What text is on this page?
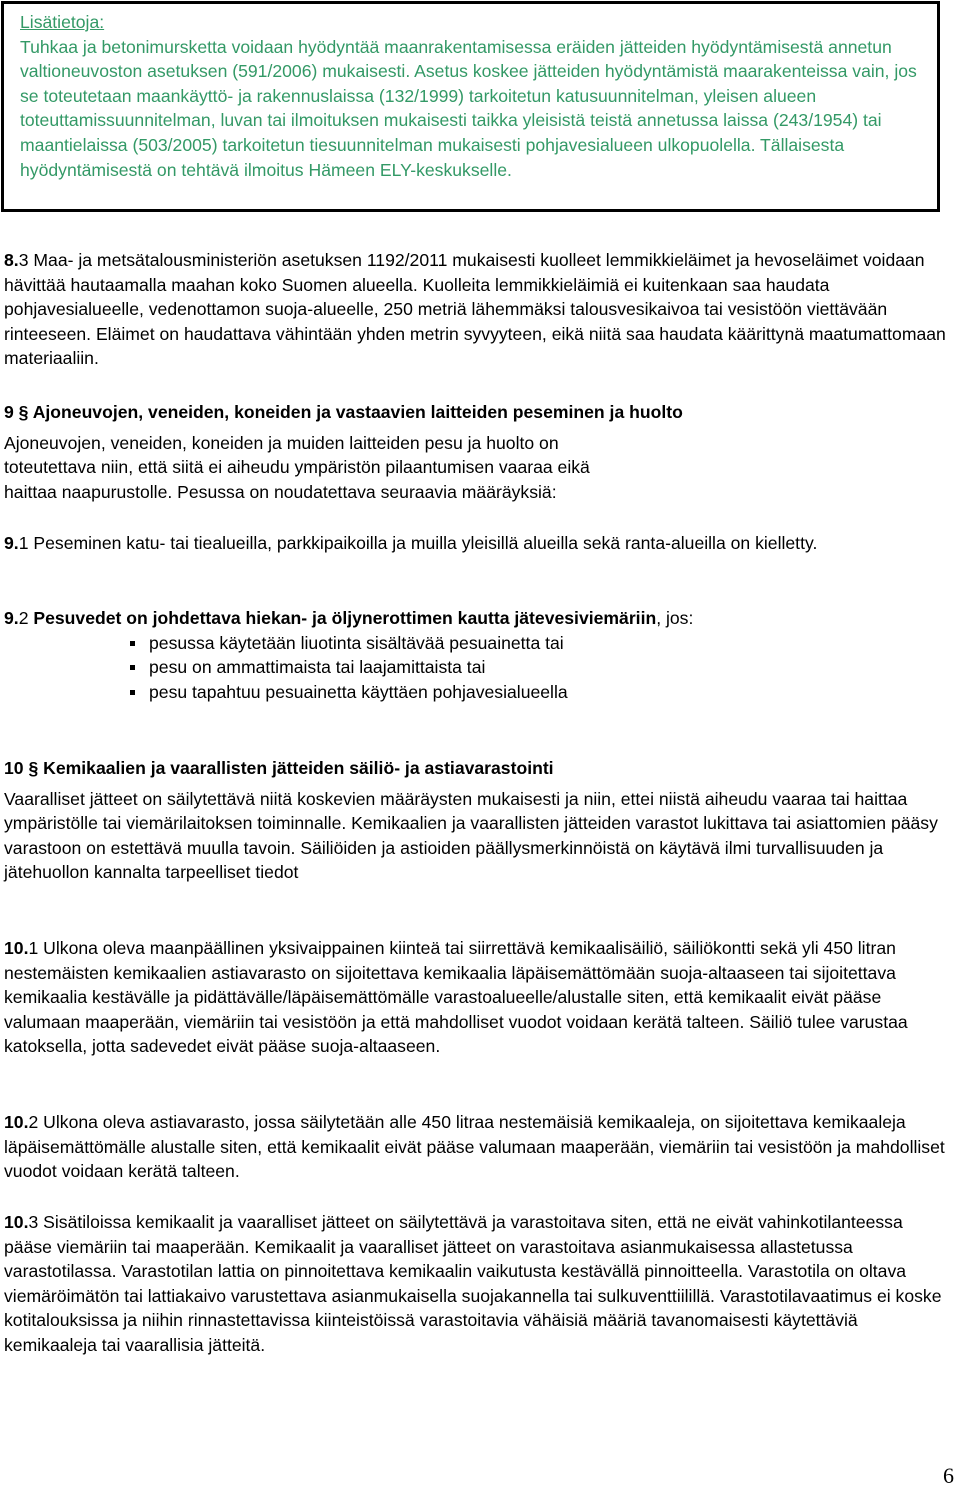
Lisätietoja:

Tuhkaa ja betonimursketta voidaan hyödyntää maanrakentamisessa eräiden jätteiden hyödyntämisestä annetun valtioneuvoston asetuksen (591/2006) mukaisesti. Asetus koskee jätteiden hyödyntämistä maarakenteissa vain, jos se toteutetaan maankäyttö- ja rakennuslaissa (132/1999) tarkoitetun katusuunnitelman, yleisen alueen toteuttamissuunnitelman, luvan tai ilmoituksen mukaisesti taikka yleisistä teistä annetussa laissa (243/1954) tai maantielaissa (503/2005) tarkoitetun tiesuunnitelman mukaisesti pohjavesialueen ulkopuolella. Tällaisesta hyödyntämisestä on tehtävä ilmoitus Hämeen ELY-keskukselle.

8.3 Maa- ja metsätalousministeriön asetuksen 1192/2011 mukaisesti kuolleet lemmikkieläimet ja hevoseläimet voidaan hävittää hautaamalla maahan koko Suomen alueella. Kuolleita lemmikkieläimiä ei kuitenkaan saa haudata pohjavesialueelle, vedenottamon suoja-alueelle, 250 metriä lähemmäksi talousvesikaivoa tai vesistöön viettävään rinteeseen. Eläimet on haudattava vähintään yhden metrin syvyyteen, eikä niitä saa haudata käärittynä maatumattomaan materiaaliin.

9 § Ajoneuvojen, veneiden, koneiden ja vastaavien laitteiden peseminen ja huolto

Ajoneuvojen, veneiden, koneiden ja muiden laitteiden pesu ja huolto on
toteutettava niin, että siitä ei aiheudu ympäristön pilaantumisen vaaraa eikä
haittaa naapurustolle. Pesussa on noudatettava seuraavia määräyksiä:

9.1 Peseminen katu- tai tiealueilla, parkkipaikoilla ja muilla yleisillä alueilla sekä ranta-alueilla on kielletty.

9.2 Pesuvedet on johdettava hiekan- ja öljynerottimen kautta jätevesiviemäriin, jos:

pesussa käytetään liuotinta sisältävää pesuainetta tai
pesu on ammattimaista tai laajamittaista tai
pesu tapahtuu pesuainetta käyttäen pohjavesialueella

10 § Kemikaalien ja vaarallisten jätteiden säiliö- ja astiavarastointi

Vaaralliset jätteet on säilytettävä niitä koskevien määräysten mukaisesti ja niin, ettei niistä aiheudu vaaraa tai haittaa ympäristölle tai viemärilaitoksen toiminnalle. Kemikaalien ja vaarallisten jätteiden varastot lukittava tai asiattomien pääsy varastoon on estettävä muulla tavoin. Säiliöiden ja astioiden päällysmerkinnöistä on käytävä ilmi turvallisuuden ja jätehuollon kannalta tarpeelliset tiedot

10.1 Ulkona oleva maanpäällinen yksivaippainen kiinteä tai siirrettävä kemikaalisäiliö, säiliökontti sekä yli 450 litran nestemäisten kemikaalien astiavarasto on sijoitettava kemikaalia läpäisemättömään suoja-altaaseen tai sijoitettava kemikaalia kestävälle ja pidättävälle/läpäisemättömälle varastoalueelle/alustalle siten, että kemikaalit eivät pääse valumaan maaperään, viemäriin tai vesistöön ja että mahdolliset vuodot voidaan kerätä talteen. Säiliö tulee varustaa katoksella, jotta sadevedet eivät pääse suoja-altaaseen.

10.2 Ulkona oleva astiavarasto, jossa säilytetään alle 450 litraa nestemäisiä kemikaaleja, on sijoitettava kemikaaleja läpäisemättömälle alustalle siten, että kemikaalit eivät pääse valumaan maaperään, viemäriin tai vesistöön ja mahdolliset vuodot voidaan kerätä talteen.

10.3 Sisätiloissa kemikaalit ja vaaralliset jätteet on säilytettävä ja varastoitava siten, että ne eivät vahinkotilanteessa pääse viemäriin tai maaperään. Kemikaalit ja vaaralliset jätteet on varastoitava asianmukaisessa allastetussa varastotilassa. Varastotilan lattia on pinnoitettava kemikaalin vaikutusta kestävällä pinnoitteella. Varastotila on oltava viemäröimätön tai lattiakaivo varustettava asianmukaisella suojakannella tai sulkuventtiilillä. Varastotilavaatimus ei koske kotitalouksissa ja niihin rinnastettavissa kiinteistöissä varastoitavia vähäisiä määriä tavanomaisesti käytettäviä kemikaaleja tai vaarallisia jätteitä.

6
